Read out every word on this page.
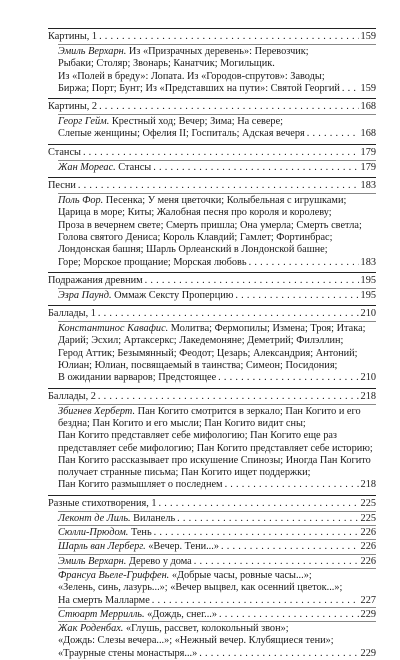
Картины, 1 . . .	159
Эмиль Верхарн. Из «Призрачных деревень»: Перевозчик;
Рыбаки; Столяр; Звонарь; Канатчик; Могильщик.
Из «Полей в бреду»: Лопата. Из «Городов-спрутов»: Заводы;
Биржа; Порт; Бунт; Из «Представших на пути»: Святой Георгий . . . 159
Картины, 2 . . .	168
Георг Гейм. Крестный ход; Вечер; Зима; На севере;
Слепые женщины; Офелия II; Госпиталь; Адская вечеря . . .	168
Стансы . . .	179
Жан Мореас. Стансы . . .	179
Песни . . .	183
Поль Фор. Песенка; У меня цветочки; Колыбельная с игрушками;
Царица в море; Киты; Жалобная песня про короля и королеву;
Проза в вечернем свете; Смерть пришла; Она умерла; Смерть светла;
Голова святого Дениса; Король Клавдий; Гамлет; Фортинбрас;
Лондонская башня; Шарль Орлеанский в Лондонской башне;
Горе; Морское прощание; Морская любовь . . .	183
Подражания древним . . .	195
Эзра Паунд. Оммаж Сексту Проперцию . . .	195
Баллады, 1 . . .	210
Константинос Кавафис. Молитва; Фермопилы; Измена; Троя; Итака;
Дарий; Эсхил; Артаксеркс; Лакедемоняне; Деметрий; Филэллин;
Герод Аттик; Безымянный; Феодот; Цезарь; Александрия; Антоний;
Юлиан; Юлиан, посвящаемый в таинства; Симеон; Посидония;
В ожидании варваров; Предстоящее . . .	210
Баллады, 2 . . .	218
Збигнев Херберт. Пан Когито смотрится в зеркало; Пан Когито и его
бездна; Пан Когито и его мысли; Пан Когито видит сны;
Пан Когито представляет себе мифологию; Пан Когито еще раз
представляет себе мифологию; Пан Когито представляет себе историю;
Пан Когито рассказывает про искушение Спинозы; Иногда Пан Когито
получает странные письма; Пан Когито ищет поддержки;
Пан Когито размышляет о последнем . . .	218
Разные стихотворения, 1 . . .	225
Леконт де Лиль. Виланель . . .	225
Сюлли-Прюдом. Тень . . .	226
Шарль ван Лерберг. «Вечер. Тени...» . . .	226
Эмиль Верхарн. Дерево у дома . . .	226
Франсуа Вьеле-Гриффен. «Добрые часы, ровные часы...»;
«Зелень, синь, лазурь...»; «Вечер выцвел, как осенний цветок...»;
На смерть Малларме . . .	227
Стюарт Меррилль. «Дождь, снег...» . . .	229
Жак Роденбах. «Глушь, рассвет, колокольный звон»;
«Дождь: Слезы вечера...»; «Нежный вечер. Клубящиеся тени»;
«Траурные стены монастыря...» . . .	229
